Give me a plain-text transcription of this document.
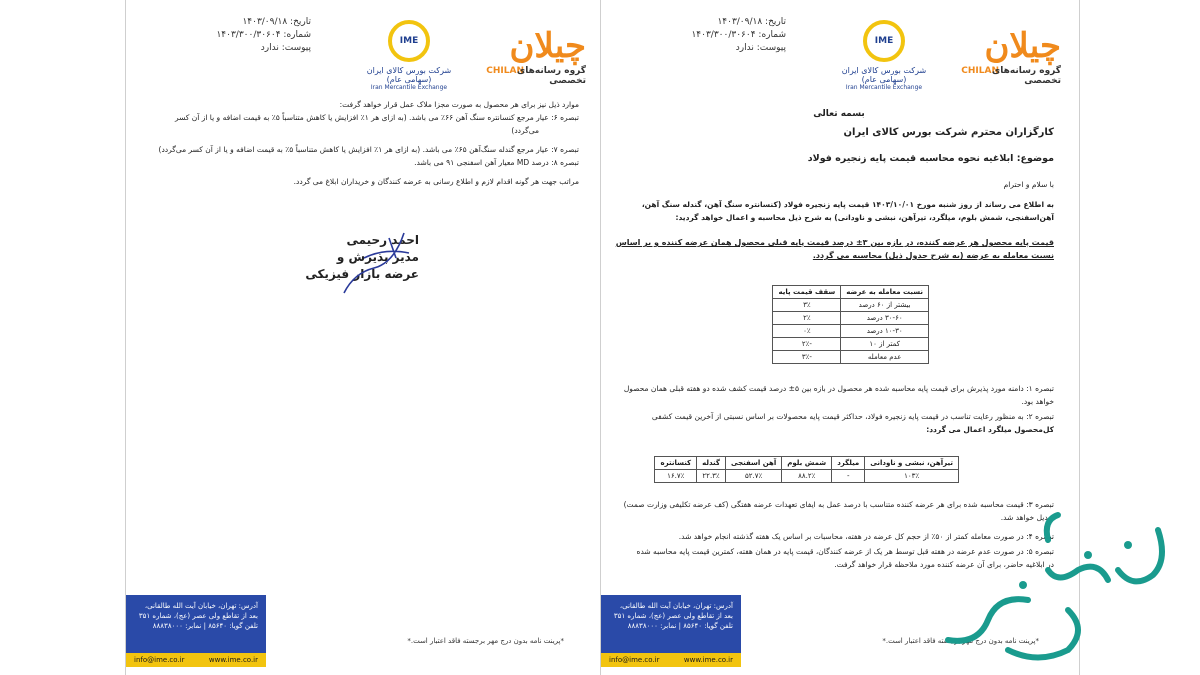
تاریخ: ۱۴۰۳/۰۹/۱۸
شماره: ۱۴۰۳/۳۰۰/۳۰۶۰۴
پیوست: ندارد	چیلان
CHILAN
گروه رسانه‌های تخصصی
IME
شرکت بورس کالای ایران (سهامی عام)
Iran Mercantile Exchange
موارد ذیل نیز برای هر محصول به صورت مجزا ملاک عمل قرار خواهد گرفت:
تبصره ۶: عیار مرجع کنسانتره سنگ آهن ۶۶٪ می باشد. (به ازای هر ۱٪ افزایش یا کاهش متناسباً ۵٪ به قیمت اضافه و یا از آن کسر
می‌گردد)
تبصره ۷: عیار مرجع گندله سنگ‌آهن ۶۵٪ می باشد. (به ازای هر ۱٪ افزایش یا کاهش متناسباً ۵٪ به قیمت اضافه و یا از آن کسر می‌گردد)
تبصره ۸: درصد MD معیار آهن اسفنجی ۹۱ می باشد.
مراتب جهت هر گونه اقدام لازم و اطلاع رسانی به عرضه کنندگان و خریداران ابلاغ می گردد.
احمد رحیمی
مدیر پذیرش و
عرضه بازار فیزیکی
*پرینت نامه بدون درج مهر برجسته فاقد اعتبار است.*
آدرس: تهران، خیابان آیت الله طالقانی،
بعد از تقاطع ولی عصر (عج)، شماره ۳۵۱
تلفن گویا: ۸۵۶۴۰ | نمابر: ۸۸۸۳۸۰۰۰
info@ime.co.ir	www.ime.co.ir
تاریخ: ۱۴۰۳/۰۹/۱۸
شماره: ۱۴۰۳/۳۰۰/۳۰۶۰۴
پیوست: ندارد	چیلان
CHILAN
گروه رسانه‌های تخصصی
IME
شرکت بورس کالای ایران (سهامی عام)
Iran Mercantile Exchange
بسمه تعالی
کارگزاران محترم شرکت بورس کالای ایران
موضوع: ابلاغیه نحوه محاسبه قیمت پایه زنجیره فولاد
با سلام و احترام
به اطلاع می رساند از روز شنبه مورخ ۱۴۰۳/۱۰/۰۱ قیمت پایه زنجیره فولاد (کنسانتره سنگ آهن، گندله سنگ آهن،
آهن‌اسفنجی، شمش بلوم، میلگرد، تیرآهن، نبشی و ناودانی) به شرح ذیل محاسبه و اعمال خواهد گردید:
قیمت پایه محصول هر عرضه کننده، در بازه بین ۳± درصد قیمت پایه قبلی محصول همان عرضه کننده و بر اساس
نسبت معامله به عرضه (به شرح جدول ذیل) محاسبه می گردد.
نسبت معامله به عرضه	سقف قیمت پایه
بیشتر از ۶۰ درصد	۳٪
۳۰-۶۰ درصد	۲٪
۱۰-۳۰ درصد	۰٪
کمتر از ۱۰	-۲٪
عدم معامله	-۳٪
تبصره ۱: دامنه مورد پذیرش برای قیمت پایه محاسبه شده هر محصول در بازه بین ۵± درصد قیمت کشف شده دو هفته قبلی همان محصول
خواهد بود.
تبصره ۲: به منظور رعایت تناسب در قیمت پایه زنجیره فولاد، حداکثر قیمت پایه محصولات بر اساس نسبتی از آخرین قیمت کشفی
کل‌محصول میلگرد اعمال می گردد:
تیرآهن، نبشی و ناودانی	میلگرد	شمش بلوم	آهن اسفنجی	گندله	کنسانتره
۱۰۳٪	-	۸۸.۲٪	۵۲.۷٪	۲۲.۳٪	۱۶.۷٪
تبصره ۳: قیمت محاسبه شده برای هر عرضه کننده متناسب با درصد عمل به ایفای تعهدات عرضه هفتگی (کف عرضه تکلیفی وزارت صمت)
تعدیل خواهد شد.
تبصره ۴: در صورت معامله کمتر از ۵۰٪ از حجم کل عرضه در هفته، محاسبات بر اساس یک هفته گذشته انجام خواهد شد.
تبصره ۵: در صورت عدم عرضه در هفته قبل توسط هر یک از عرضه کنندگان، قیمت پایه در همان هفته، کمترین قیمت پایه محاسبه شده
در ابلاغیه حاضر، برای آن عرضه کننده مورد ملاحظه قرار خواهد گرفت.
*پرینت نامه بدون درج مهر برجسته فاقد اعتبار است.*
آدرس: تهران، خیابان آیت الله طالقانی،
بعد از تقاطع ولی عصر (عج)، شماره ۳۵۱
تلفن گویا: ۸۵۶۴۰ | نمابر: ۸۸۸۳۸۰۰۰
info@ime.co.ir	www.ime.co.ir
